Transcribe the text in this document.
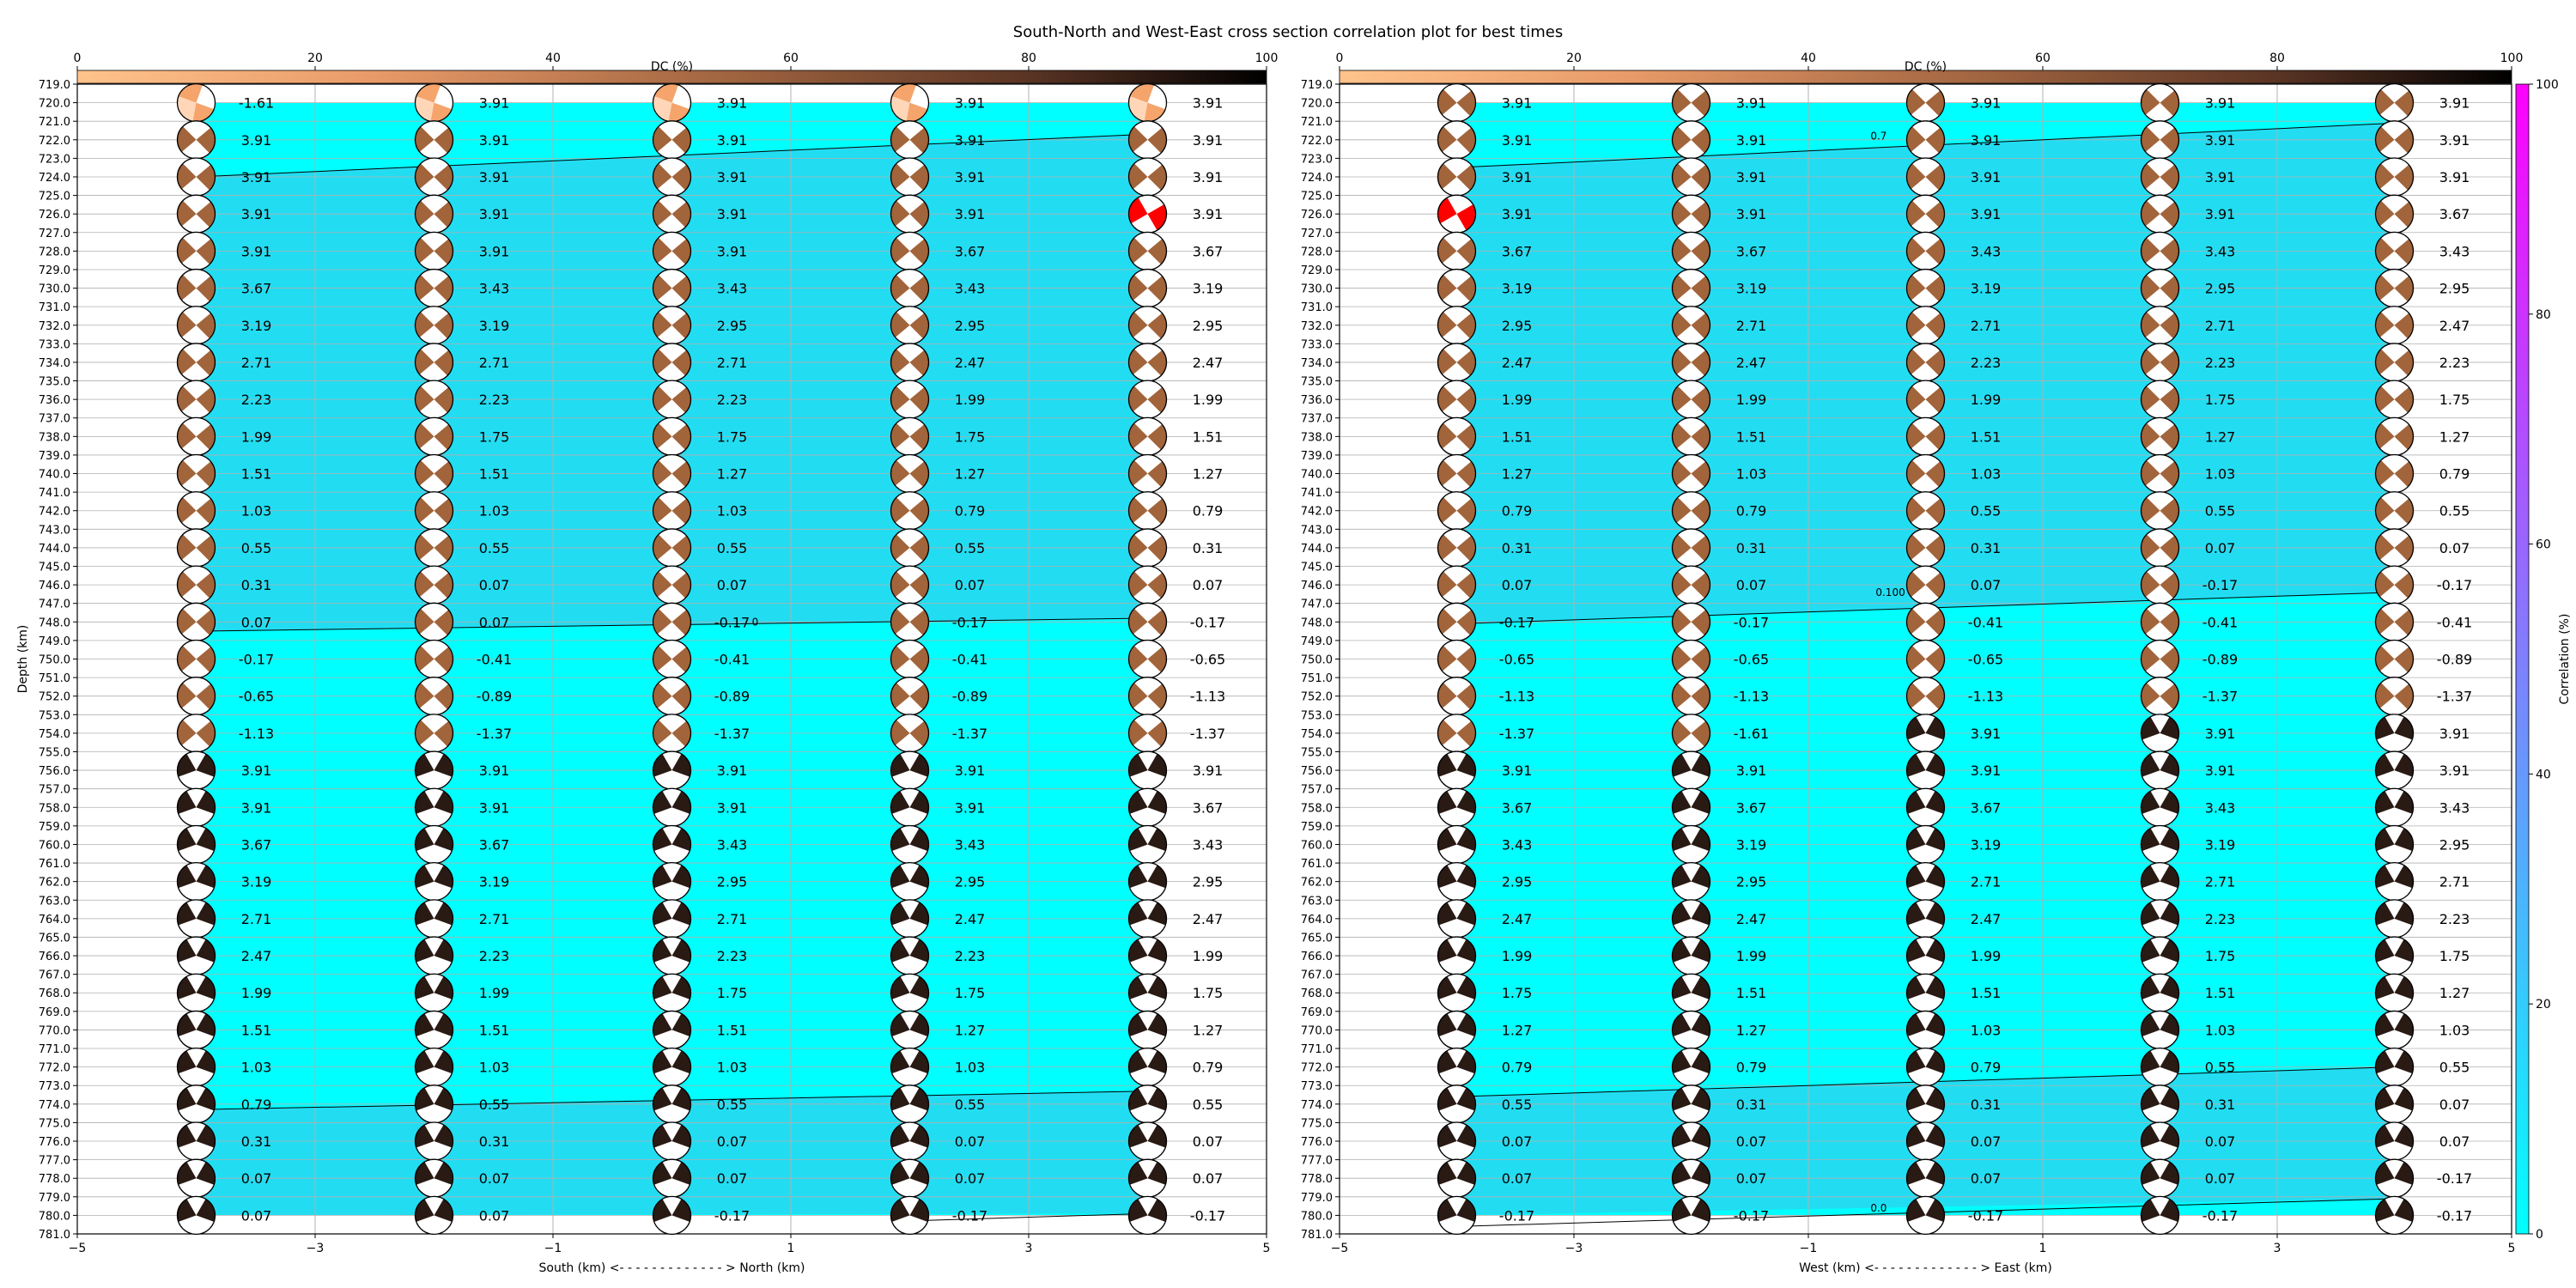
South-North and West-East cross section correlation plot for best times
0
719.0
720.0
721.0
722.0
723.0
724.0
725.0
726.0
727.0
728.0
729.0
730.0
731.0
732.0
733.0
734.0
735.0
736.0
737.0
738.0
739.0
740.0
741.0
742.0
743.0
744.0
745.0
746.0
747.0
748.0
749.0
750.0
751.0
752.0
753.0
754.0
755.0
756.0
757.0
758.0
759.0
760.0
761.0
762.0
763.0
764.0
765.0
766.0
767.0
768.0
769.0
770.0
771.0
772.0
773.0
774.0
775.0
776.0
777.0
778.0
779.0
780.0
781.0
Depth (km)
−5	−3	−1	1	3	5
South (km) <- - - - - - - - - - - - - > North (km)
0	20	40	60	80	100
DC (%)
-1.61	3.91	3.91	3.91	3.91
3.91	3.91	3.91	3.91	3.91
3.91	3.91	3.91	3.91	3.91
3.91	3.91	3.91	3.91	3.91
3.91	3.91	3.91	3.67	3.67
3.67	3.43	3.43	3.43	3.19
3.19	3.19	2.95	2.95	2.95
2.71	2.71	2.71	2.47	2.47
2.23	2.23	2.23	1.99	1.99
1.99	1.75	1.75	1.75	1.51
1.51	1.51	1.27	1.27	1.27
1.03	1.03	1.03	0.79	0.79
0.55	0.55	0.55	0.55	0.31
0.31	0.07	0.07	0.07	0.07
0.07	0.07	-0.17	-0.17	-0.17
-0.17	-0.41	-0.41	-0.41	-0.65
-0.65	-0.89	-0.89	-0.89	-1.13
-1.13	-1.37	-1.37	-1.37	-1.37
3.91	3.91	3.91	3.91	3.91
3.91	3.91	3.91	3.91	3.67
3.67	3.67	3.43	3.43	3.43
3.19	3.19	2.95	2.95	2.95
2.71	2.71	2.71	2.47	2.47
2.47	2.23	2.23	2.23	1.99
1.99	1.99	1.75	1.75	1.75
1.51	1.51	1.51	1.27	1.27
1.03	1.03	1.03	1.03	0.79
0.79	0.55	0.55	0.55	0.55
0.31	0.31	0.07	0.07	0.07
0.07	0.07	0.07	0.07	0.07
0.07	0.07	-0.17	-0.17	-0.17
0.7
0.100
0.0
719.0
720.0
721.0
722.0
723.0
724.0
725.0
726.0
727.0
728.0
729.0
730.0
731.0
732.0
733.0
734.0
735.0
736.0
737.0
738.0
739.0
740.0
741.0
742.0
743.0
744.0
745.0
746.0
747.0
748.0
749.0
750.0
751.0
752.0
753.0
754.0
755.0
756.0
757.0
758.0
759.0
760.0
761.0
762.0
763.0
764.0
765.0
766.0
767.0
768.0
769.0
770.0
771.0
772.0
773.0
774.0
775.0
776.0
777.0
778.0
779.0
780.0
781.0
−5	−3	−1	1	3	5
West (km) <- - - - - - - - - - - - - > East (km)
0	20	40	60	80	100
DC (%)
3.91	3.91	3.91	3.91	3.91
3.91	3.91	3.91	3.91	3.91
3.91	3.91	3.91	3.91	3.91
3.91	3.91	3.91	3.91	3.67
3.67	3.67	3.43	3.43	3.43
3.19	3.19	3.19	2.95	2.95
2.95	2.71	2.71	2.71	2.47
2.47	2.47	2.23	2.23	2.23
1.99	1.99	1.99	1.75	1.75
1.51	1.51	1.51	1.27	1.27
1.27	1.03	1.03	1.03	0.79
0.79	0.79	0.55	0.55	0.55
0.31	0.31	0.31	0.07	0.07
0.07	0.07	0.07	-0.17	-0.17
-0.17	-0.17	-0.41	-0.41	-0.41
-0.65	-0.65	-0.65	-0.89	-0.89
-1.13	-1.13	-1.13	-1.37	-1.37
-1.37	-1.61	3.91	3.91	3.91
3.91	3.91	3.91	3.91	3.91
3.67	3.67	3.67	3.43	3.43
3.43	3.19	3.19	3.19	2.95
2.95	2.95	2.71	2.71	2.71
2.47	2.47	2.47	2.23	2.23
1.99	1.99	1.99	1.75	1.75
1.75	1.51	1.51	1.51	1.27
1.27	1.27	1.03	1.03	1.03
0.79	0.79	0.79	0.55	0.55
0.55	0.31	0.31	0.31	0.07
0.07	0.07	0.07	0.07	0.07
0.07	0.07	0.07	0.07	-0.17
-0.17	-0.17	-0.17	-0.17	-0.17
0
20
40
60
80
100
Correlation (%)
